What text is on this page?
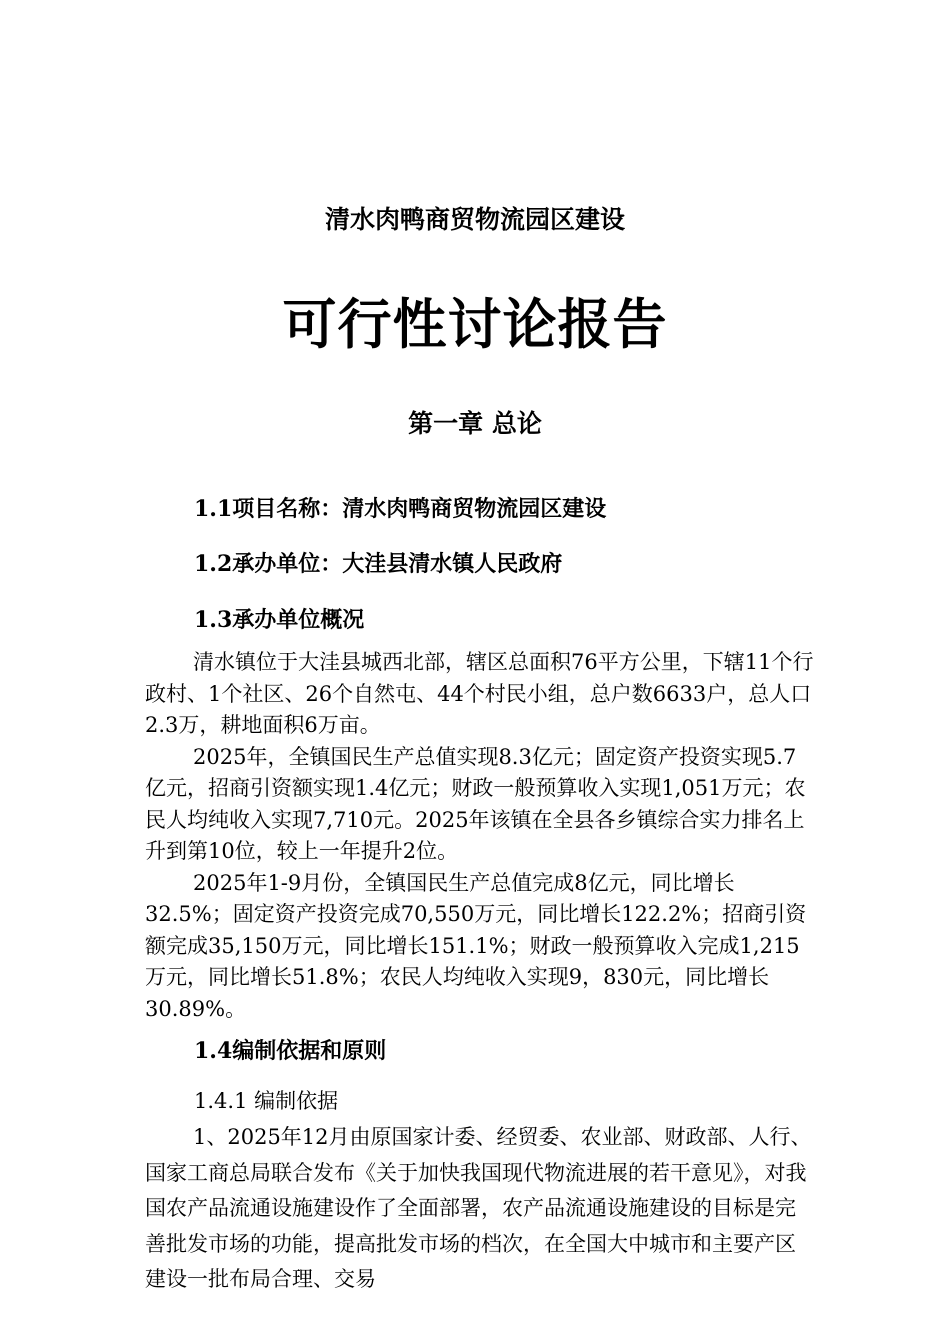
清水肉鸭商贸物流园区建设
可行性讨论报告
第一章 总论
1.1项目名称：清水肉鸭商贸物流园区建设
1.2承办单位：大洼县清水镇人民政府
1.3承办单位概况

清水镇位于大洼县城西北部，辖区总面积76平方公里，下辖11个行政村、1个社区、26个自然屯、44个村民小组，总户数6633户，总人口2.3万，耕地面积6万亩。

2025年，全镇国民生产总值实现8.3亿元；固定资产投资实现5.7亿元，招商引资额实现1.4亿元；财政一般预算收入实现1,051万元；农民人均纯收入实现7,710元。2025年该镇在全县各乡镇综合实力排名上升到第10位，较上一年提升2位。

2025年1-9月份，全镇国民生产总值完成8亿元，同比增长32.5%；固定资产投资完成70,550万元，同比增长122.2%；招商引资额完成35,150万元，同比增长151.1%；财政一般预算收入完成1,215万元，同比增长51.8%；农民人均纯收入实现9，830元，同比增长30.89%。

1.4编制依据和原则

1.4.1 编制依据

1、2025年12月由原国家计委、经贸委、农业部、财政部、人行、国家工商总局联合发布《关于加快我国现代物流进展的若干意见》，对我国农产品流通设施建设作了全面部署，农产品流通设施建设的目标是完善批发市场的功能，提高批发市场的档次，在全国大中城市和主要产区建设一批布局合理、交易
